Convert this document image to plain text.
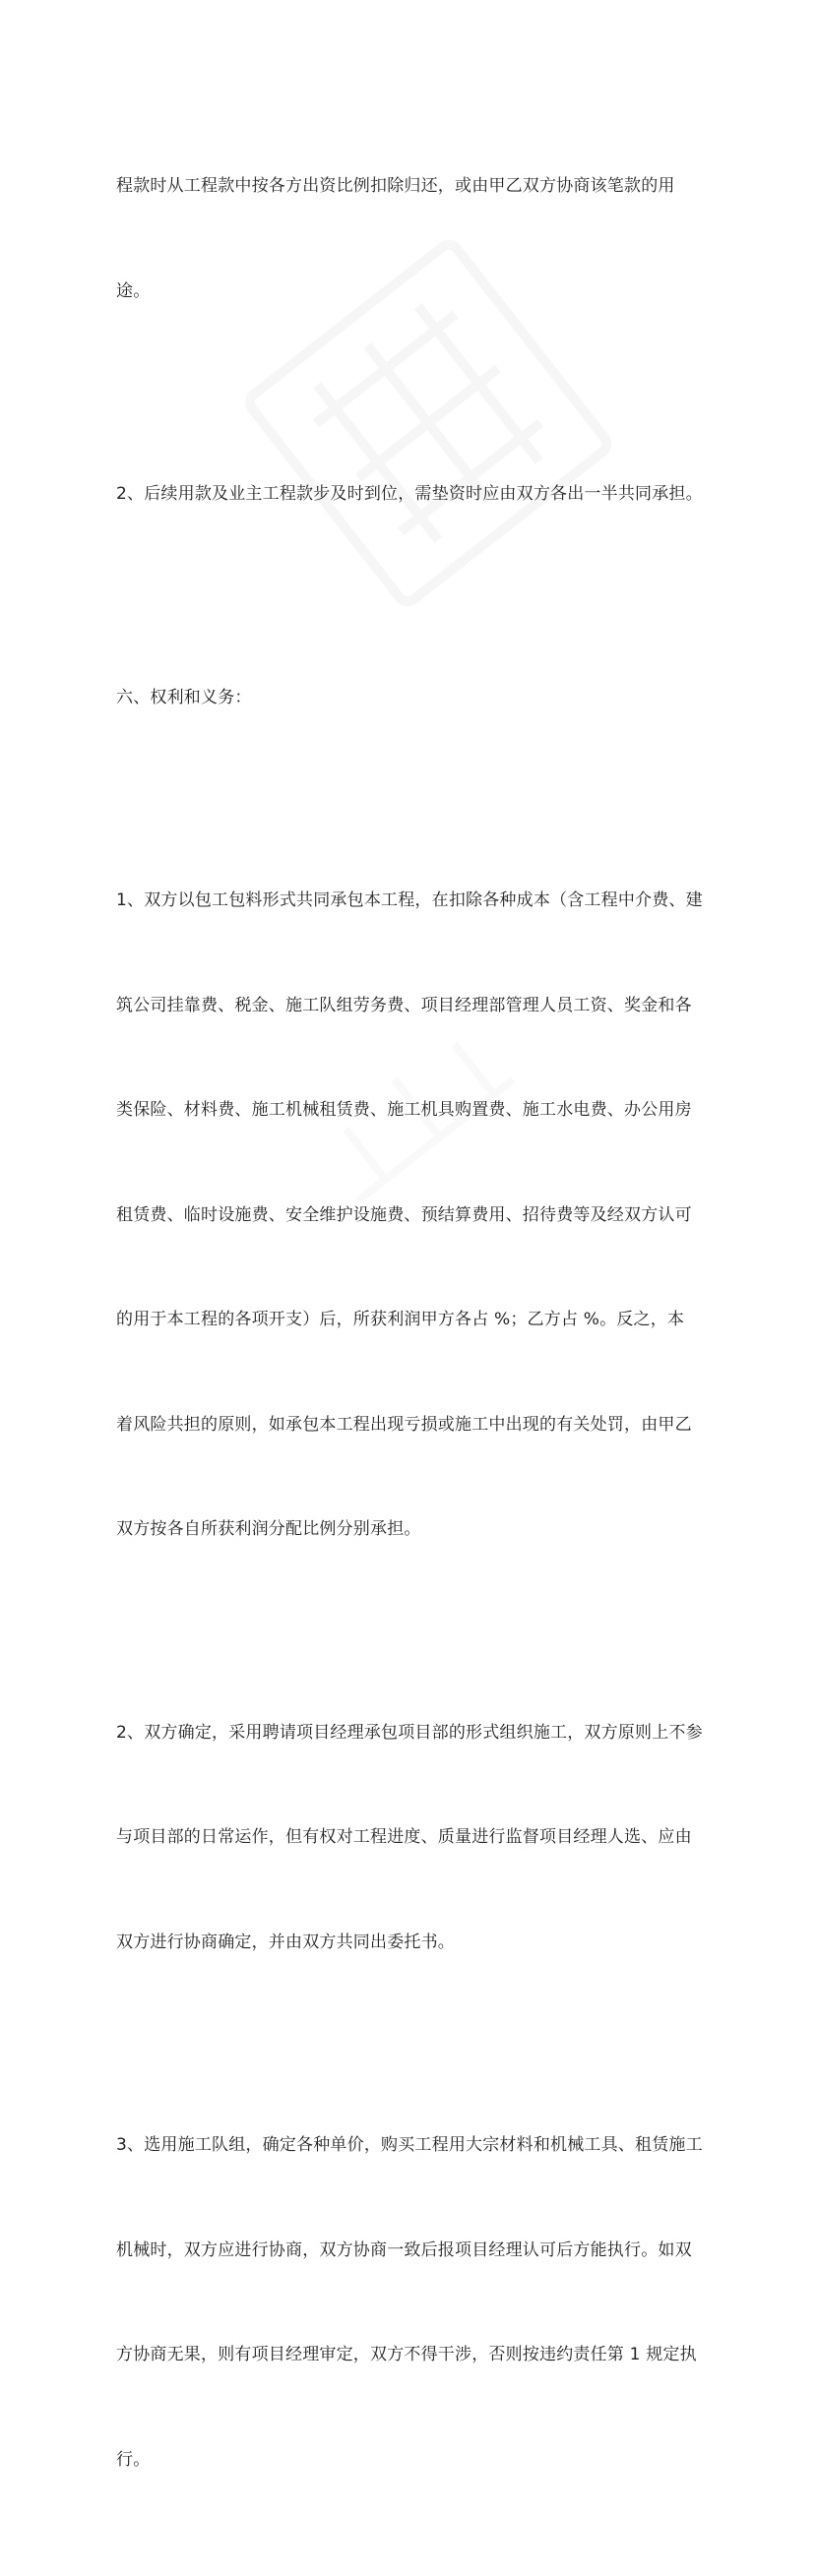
程款时从工程款中按各方出资比例扣除归还，或由甲乙双方协商该笔款的用

途。

2、后续用款及业主工程款步及时到位，需垫资时应由双方各出一半共同承担。

六、权利和义务：

1、双方以包工包料形式共同承包本工程，在扣除各种成本（含工程中介费、建

筑公司挂靠费、税金、施工队组劳务费、项目经理部管理人员工资、奖金和各

类保险、材料费、施工机械租赁费、施工机具购置费、施工水电费、办公用房

租赁费、临时设施费、安全维护设施费、预结算费用、招待费等及经双方认可

的用于本工程的各项开支）后，所获利润甲方各占 %；乙方占 %。反之，本

着风险共担的原则，如承包本工程出现亏损或施工中出现的有关处罚，由甲乙

双方按各自所获利润分配比例分别承担。

2、双方确定，采用聘请项目经理承包项目部的形式组织施工，双方原则上不参

与项目部的日常运作，但有权对工程进度、质量进行监督项目经理人选、应由

双方进行协商确定，并由双方共同出委托书。

3、选用施工队组，确定各种单价，购买工程用大宗材料和机械工具、租赁施工

机械时，双方应进行协商，双方协商一致后报项目经理认可后方能执行。如双

方协商无果，则有项目经理审定，双方不得干涉，否则按违约责任第 1 规定执

行。
